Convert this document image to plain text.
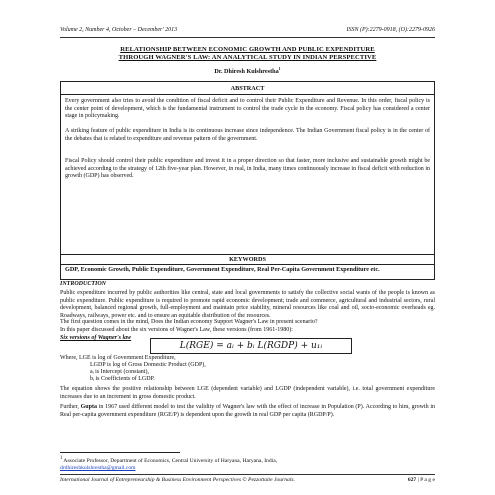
Volume 2, Number 4, October – December' 2013	ISSN (P):2279-0918, (O):2279-0926
RELATIONSHIP BETWEEN ECONOMIC GROWTH AND PUBLIC EXPENDITURE
THROUGH WAGNER'S LAW: AN ANALYTICAL STUDY IN INDIAN PERSPECTIVE
Dr. Dhiresh Kulshrestha$^1$
ABSTRACT
Every government also tries to avoid the condition of fiscal deficit and to control their Public Expenditure and Revenue. In this order, fiscal policy is the center point of development, which is the fundamental instrument to control the trade cycle in the economy. Fiscal policy has considered a center stage in policymaking.
A striking feature of public expenditure in India is its continuous increase since independence. The Indian Government fiscal policy is in the center of the debates that is related to expenditure and revenue pattern of the government.
Fiscal Policy should control their public expenditure and invest it in a proper direction so that faster, more inclusive and sustainable growth might be achieved according to the strategy of 12th five-year plan. However, in real, in India, many times continuously increase in fiscal deficit with reduction in growth (GDP) has observed.
KEYWORDS
GDP, Economic Growth, Public Expenditure, Government Expenditure, Real Per-Capita Government Expenditure etc.
INTRODUCTION
Public expenditure incurred by public authorities like central, state and local governments to satisfy the collective social wants of the people is known as public expenditure. Public expenditure is required to promote rapid economic development; trade and commerce, agricultural and industrial sectors, rural development, balanced regional growth, full-employment and maintain price stability, mineral resources like coal and oil, socio-economic overheads eg. Roadways, railways, power etc. and to ensure an equitable distribution of the resources.
The first question comes in the mind, Does the Indian economy Support Wagner's Law in present scenario?
In this paper discussed about the six versions of Wagner's Law, these versions (from 1961-1980):
Six versions of Wagner's law
L(RGE) = aᵢ + bᵢ L(RGDP) + u₁ᵢ
Where, LGE is log of Government Expenditure,
LGDP is log of Gross Domestic Product (GDP),
aᵢ is Intercept (constant),
bᵢ is Coefficients of LGDP.
The equation shows the positive relationship between LGE (dependent variable) and LGDP (independent variable), i.e. total government expenditure increases due to an increment in gross domestic product.
Further, Gupta in 1967 used different model to test the validity of Wagner's law with the effect of increase in Population (P). According to him, growth in Real per-capita government expenditure (RGE/P) is dependent upon the growth in real GDP per capita (RGDP/P).
$^1$ Associate Professor, Department of Economics, Central University of Haryana, Haryana, India,
drdhireshkulshrestha@gmail.com
International Journal of Entrepreneurship & Business Environment Perspectives © Pezzottaite Journals.	627 | P a g e
